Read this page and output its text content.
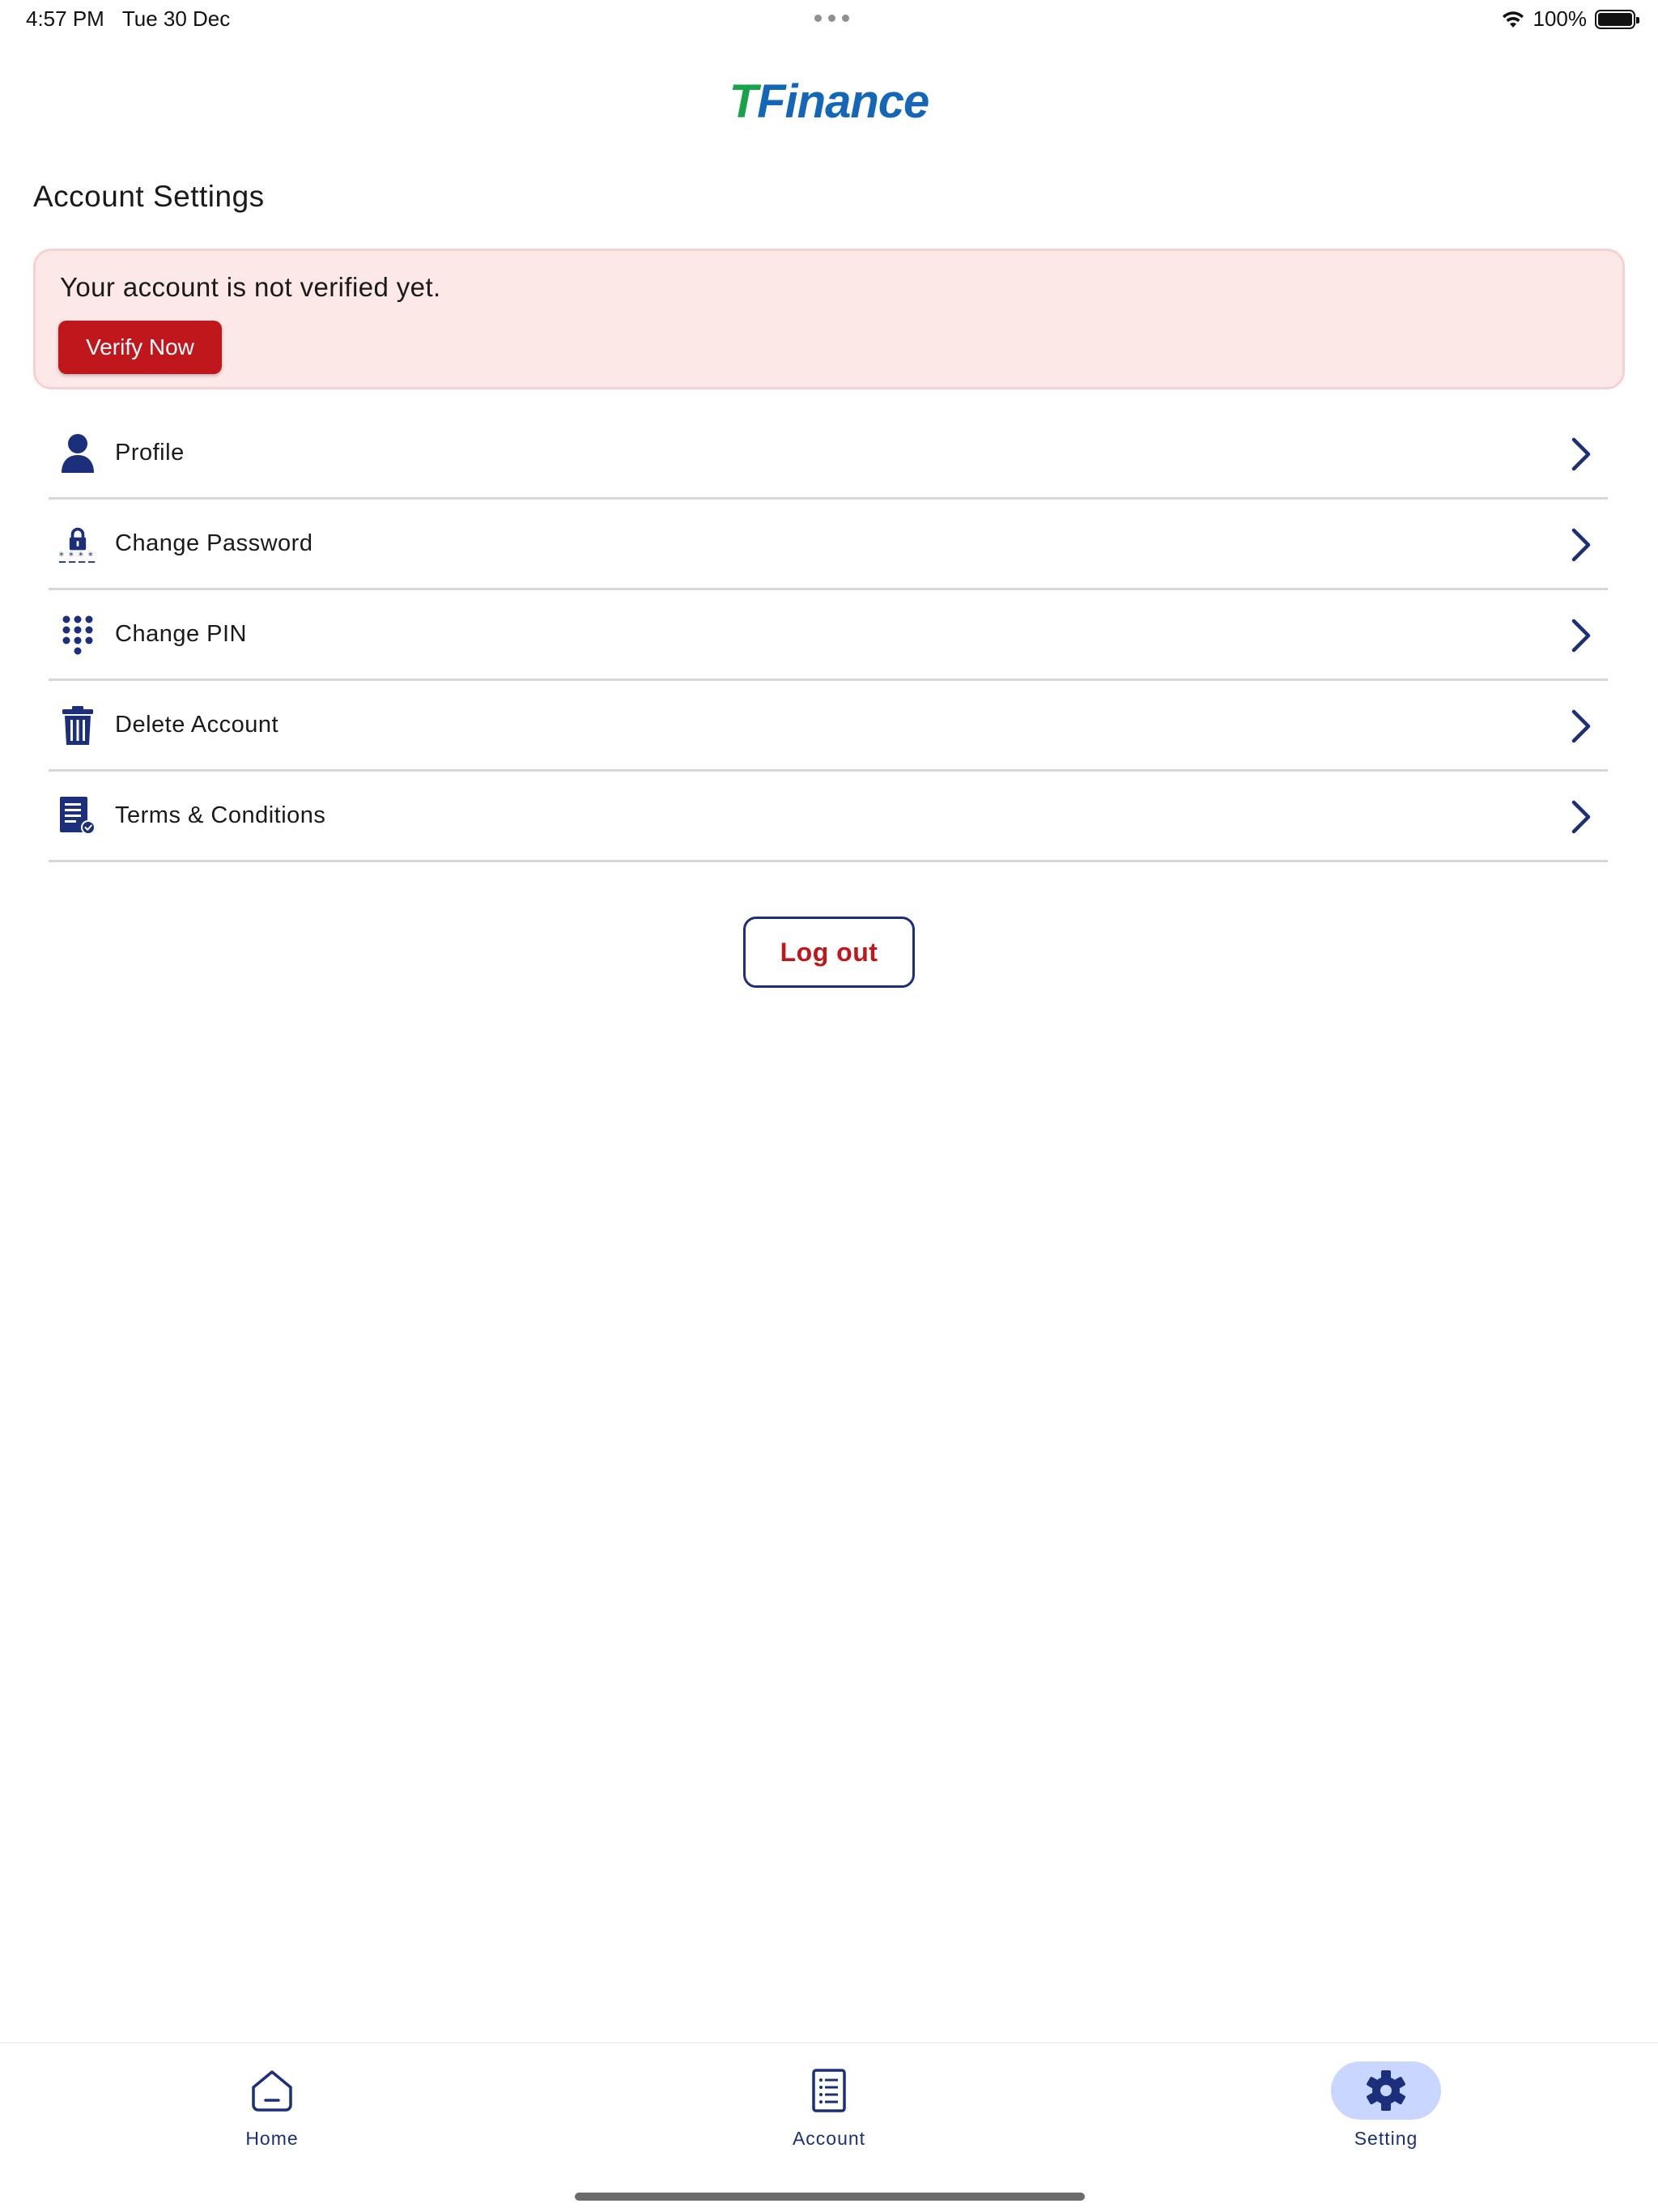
4:57 PM Tue 30 Dec	100%
TFinance
Account Settings
Your account is not verified yet.
Verify Now
Profile
* * * * Change Password
Change PIN
Delete Account
Terms & Conditions
Log out
Home	Account	Setting
